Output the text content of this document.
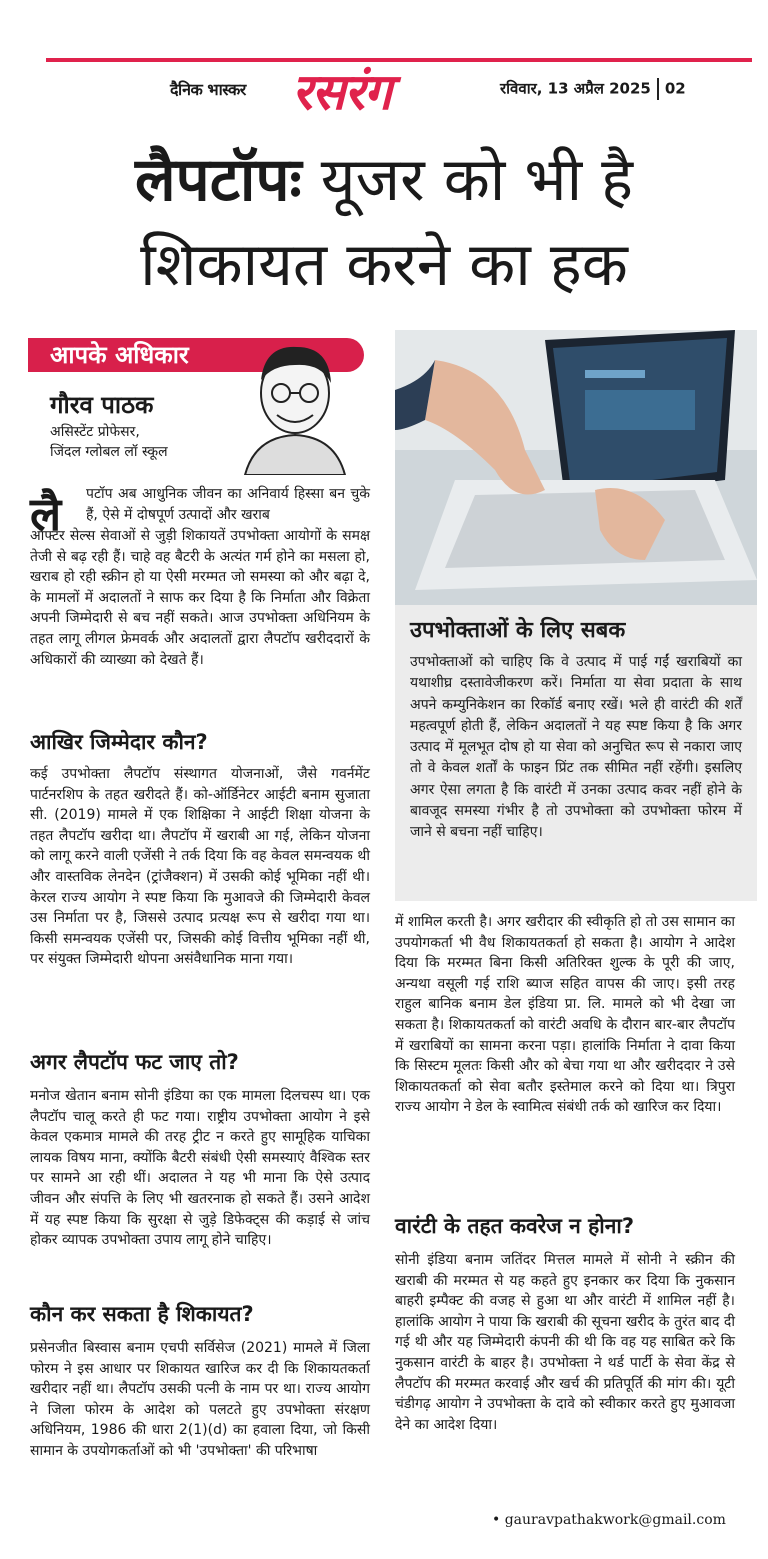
दैनिक भास्कर रसरंग	रविवार, 13 अप्रैल 2025 02
लैपटॉपः यूजर को भी है
शिकायत करने का हक
आपके अधिकार
गौरव पाठक
असिस्टेंट प्रोफेसर,
जिंदल ग्लोबल लॉ स्कूल
उपभोक्ताओं के लिए सबक
उपभोक्ताओं को चाहिए कि वे उत्पाद में पाई गईं खराबियों का यथाशीघ्र दस्तावेजीकरण करें। निर्माता या सेवा प्रदाता के साथ अपने कम्युनिकेशन का रिकॉर्ड बनाए रखें। भले ही वारंटी की शर्तें महत्वपूर्ण होती हैं, लेकिन अदालतों ने यह स्पष्ट किया है कि अगर उत्पाद में मूलभूत दोष हो या सेवा को अनुचित रूप से नकारा जाए तो वे केवल शर्तों के फाइन प्रिंट तक सीमित नहीं रहेंगी। इसलिए अगर ऐसा लगता है कि वारंटी में उनका उत्पाद कवर नहीं होने के बावजूद समस्या गंभीर है तो उपभोक्ता को उपभोक्ता फोरम में जाने से बचना नहीं चाहिए।
लै पटॉप अब आधुनिक जीवन का अनिवार्य हिस्सा बन चुके हैं, ऐसे में दोषपूर्ण उत्पादों और खराब
ऑफ्टर सेल्स सेवाओं से जुड़ी शिकायतें उपभोक्ता आयोगों के समक्ष तेजी से बढ़ रही हैं। चाहे वह बैटरी के अत्यंत गर्म होने का मसला हो, खराब हो रही स्क्रीन हो या ऐसी मरम्मत जो समस्या को और बढ़ा दे, के मामलों में अदालतों ने साफ कर दिया है कि निर्माता और विक्रेता अपनी जिम्मेदारी से बच नहीं सकते। आज उपभोक्ता अधिनियम के तहत लागू लीगल फ्रेमवर्क और अदालतों द्वारा लैपटॉप खरीददारों के अधिकारों की व्याख्या को देखते हैं।
आखिर जिम्मेदार कौन?
कई उपभोक्ता लैपटॉप संस्थागत योजनाओं, जैसे गवर्नमेंट पार्टनरशिप के तहत खरीदते हैं। को-ऑर्डिनेटर आईटी बनाम सुजाता सी. (2019) मामले में एक शिक्षिका ने आईटी शिक्षा योजना के तहत लैपटॉप खरीदा था। लैपटॉप में खराबी आ गई, लेकिन योजना को लागू करने वाली एजेंसी ने तर्क दिया कि वह केवल समन्वयक थी और वास्तविक लेनदेन (ट्रांजैक्शन) में उसकी कोई भूमिका नहीं थी। केरल राज्य आयोग ने स्पष्ट किया कि मुआवजे की जिम्मेदारी केवल उस निर्माता पर है, जिससे उत्पाद प्रत्यक्ष रूप से खरीदा गया था। किसी समन्वयक एजेंसी पर, जिसकी कोई वित्तीय भूमिका नहीं थी, पर संयुक्त जिम्मेदारी थोपना असंवैधानिक माना गया।
अगर लैपटॉप फट जाए तो?
मनोज खेतान बनाम सोनी इंडिया का एक मामला दिलचस्प था। एक लैपटॉप चालू करते ही फट गया। राष्ट्रीय उपभोक्ता आयोग ने इसे केवल एकमात्र मामले की तरह ट्रीट न करते हुए सामूहिक याचिका लायक विषय माना, क्योंकि बैटरी संबंधी ऐसी समस्याएं वैश्विक स्तर पर सामने आ रही थीं। अदालत ने यह भी माना कि ऐसे उत्पाद जीवन और संपत्ति के लिए भी खतरनाक हो सकते हैं। उसने आदेश में यह स्पष्ट किया कि सुरक्षा से जुड़े डिफेक्ट्स की कड़ाई से जांच होकर व्यापक उपभोक्ता उपाय लागू होने चाहिए।
कौन कर सकता है शिकायत?
प्रसेनजीत बिस्वास बनाम एचपी सर्विसेज (2021) मामले में जिला फोरम ने इस आधार पर शिकायत खारिज कर दी कि शिकायतकर्ता खरीदार नहीं था। लैपटॉप उसकी पत्नी के नाम पर था। राज्य आयोग ने जिला फोरम के आदेश को पलटते हुए उपभोक्ता संरक्षण अधिनियम, 1986 की धारा 2(1)(d) का हवाला दिया, जो किसी सामान के उपयोगकर्ताओं को भी 'उपभोक्ता' की परिभाषा
में शामिल करती है। अगर खरीदार की स्वीकृति हो तो उस सामान का उपयोगकर्ता भी वैध शिकायतकर्ता हो सकता है। आयोग ने आदेश दिया कि मरम्मत बिना किसी अतिरिक्त शुल्क के पूरी की जाए, अन्यथा वसूली गई राशि ब्याज सहित वापस की जाए। इसी तरह राहुल बानिक बनाम डेल इंडिया प्रा. लि. मामले को भी देखा जा सकता है। शिकायतकर्ता को वारंटी अवधि के दौरान बार-बार लैपटॉप में खराबियों का सामना करना पड़ा। हालांकि निर्माता ने दावा किया कि सिस्टम मूलतः किसी और को बेचा गया था और खरीददार ने उसे शिकायतकर्ता को सेवा बतौर इस्तेमाल करने को दिया था। त्रिपुरा राज्य आयोग ने डेल के स्वामित्व संबंधी तर्क को खारिज कर दिया।
वारंटी के तहत कवरेज न होना?
सोनी इंडिया बनाम जतिंदर मित्तल मामले में सोनी ने स्क्रीन की खराबी की मरम्मत से यह कहते हुए इनकार कर दिया कि नुकसान बाहरी इम्पैक्ट की वजह से हुआ था और वारंटी में शामिल नहीं है। हालांकि आयोग ने पाया कि खराबी की सूचना खरीद के तुरंत बाद दी गई थी और यह जिम्मेदारी कंपनी की थी कि वह यह साबित करे कि नुकसान वारंटी के बाहर है। उपभोक्ता ने थर्ड पार्टी के सेवा केंद्र से लैपटॉप की मरम्मत करवाई और खर्च की प्रतिपूर्ति की मांग की। यूटी चंडीगढ़ आयोग ने उपभोक्ता के दावे को स्वीकार करते हुए मुआवजा देने का आदेश दिया।
• gauravpathakwork@gmail.com
